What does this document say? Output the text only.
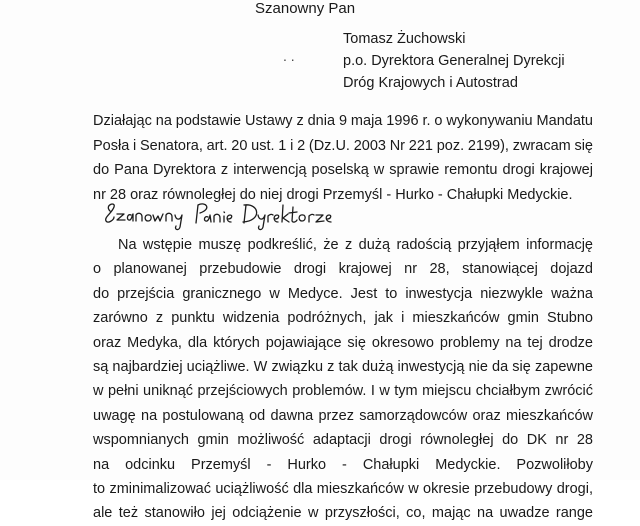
Szanowny Pan
. .
Tomasz Żuchowski
p.o. Dyrektora Generalnej Dyrekcji
Dróg Krajowych i Autostrad
Działając na podstawie Ustawy z dnia 9 maja 1996 r. o wykonywaniu Mandatu
Posła i Senatora, art. 20 ust. 1 i 2 (Dz.U. 2003 Nr 221 poz. 2199), zwracam się
do Pana Dyrektora z interwencją poselską w sprawie remontu drogi krajowej
nr 28 oraz równoległej do niej drogi Przemyśl - Hurko - Chałupki Medyckie.
Na wstępie muszę podkreślić, że z dużą radością przyjąłem informację
o planowanej przebudowie drogi krajowej nr 28, stanowiącej dojazd
do przejścia granicznego w Medyce. Jest to inwestycja niezwykle ważna
zarówno z punktu widzenia podróżnych, jak i mieszkańców gmin Stubno
oraz Medyka, dla których pojawiające się okresowo problemy na tej drodze
są najbardziej uciążliwe. W związku z tak dużą inwestycją nie da się zapewne
w pełni uniknąć przejściowych problemów. I w tym miejscu chciałbym zwrócić
uwagę na postulowaną od dawna przez samorządowców oraz mieszkańców
wspomnianych gmin możliwość adaptacji drogi równoległej do DK nr 28
na odcinku Przemyśl - Hurko - Chałupki Medyckie. Pozwoliłoby
to zminimalizować uciążliwość dla mieszkańców w okresie przebudowy drogi,
ale też stanowiło jej odciążenie w przyszłości, co, mając na uwadze range
